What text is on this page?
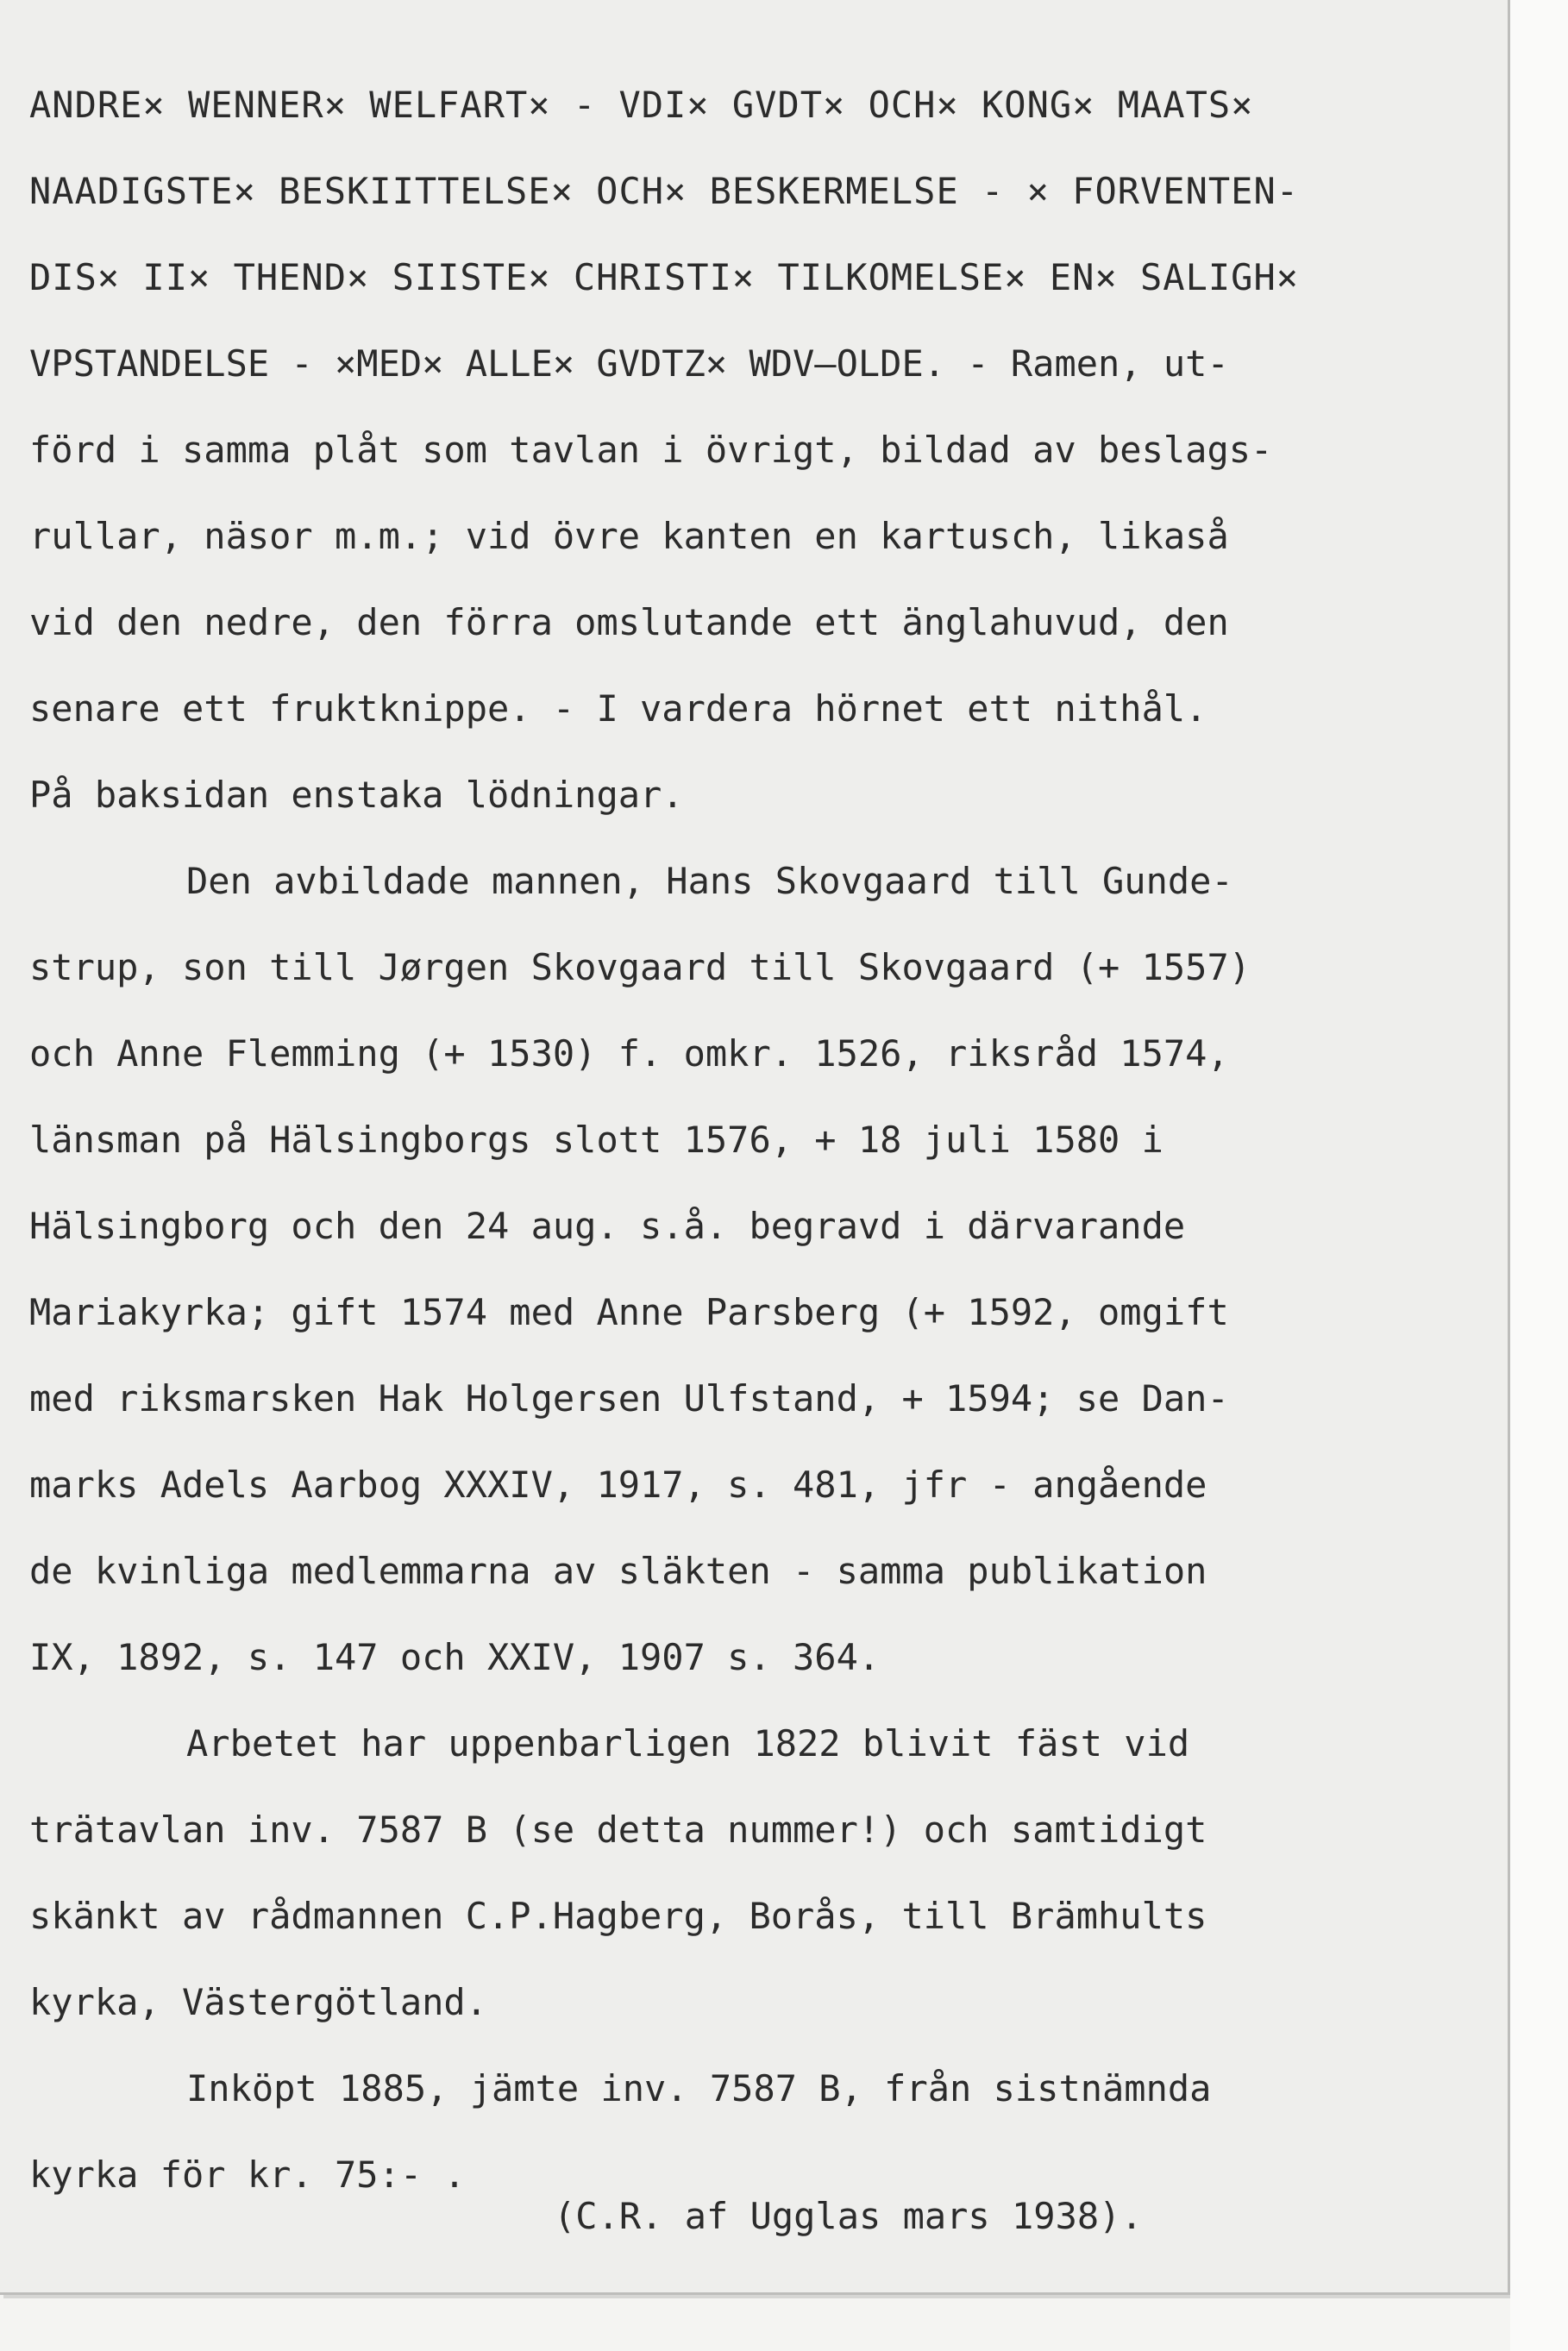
ANDRE× WENNER× WELFART× - VDI× GVDT× OCH× KONG× MAATS×
NAADIGSTE× BESKIITTELSE× OCH× BESKERMELSE - × FORVENTEN-
DIS× II× THEND× SIISTE× CHRISTI× TILKOMELSE× EN× SALIGH×
VPSTANDELSE - ×MED× ALLE× GVDTZ× WDV—OLDE. - Ramen, ut-
förd i samma plåt som tavlan i övrigt, bildad av beslags-
rullar, näsor m.m.; vid övre kanten en kartusch, likaså
vid den nedre, den förra omslutande ett änglahuvud, den
senare ett fruktknippe. - I vardera hörnet ett nithål.
På baksidan enstaka lödningar.
Den avbildade mannen, Hans Skovgaard till Gunde-
strup, son till Jørgen Skovgaard till Skovgaard (+ 1557)
och Anne Flemming (+ 1530) f. omkr. 1526, riksråd 1574,
länsman på Hälsingborgs slott 1576, + 18 juli 1580 i
Hälsingborg och den 24 aug. s.å. begravd i därvarande
Mariakyrka; gift 1574 med Anne Parsberg (+ 1592, omgift
med riksmarsken Hak Holgersen Ulfstand, + 1594; se Dan-
marks Adels Aarbog XXXIV, 1917, s. 481, jfr - angående
de kvinliga medlemmarna av släkten - samma publikation
IX, 1892, s. 147 och XXIV, 1907 s. 364.
Arbetet har uppenbarligen 1822 blivit fäst vid
trätavlan inv. 7587 B (se detta nummer!) och samtidigt
skänkt av rådmannen C.P.Hagberg, Borås, till Brämhults
kyrka, Västergötland.
Inköpt 1885, jämte inv. 7587 B, från sistnämnda
kyrka för kr. 75:- .
(C.R. af Ugglas mars 1938).
